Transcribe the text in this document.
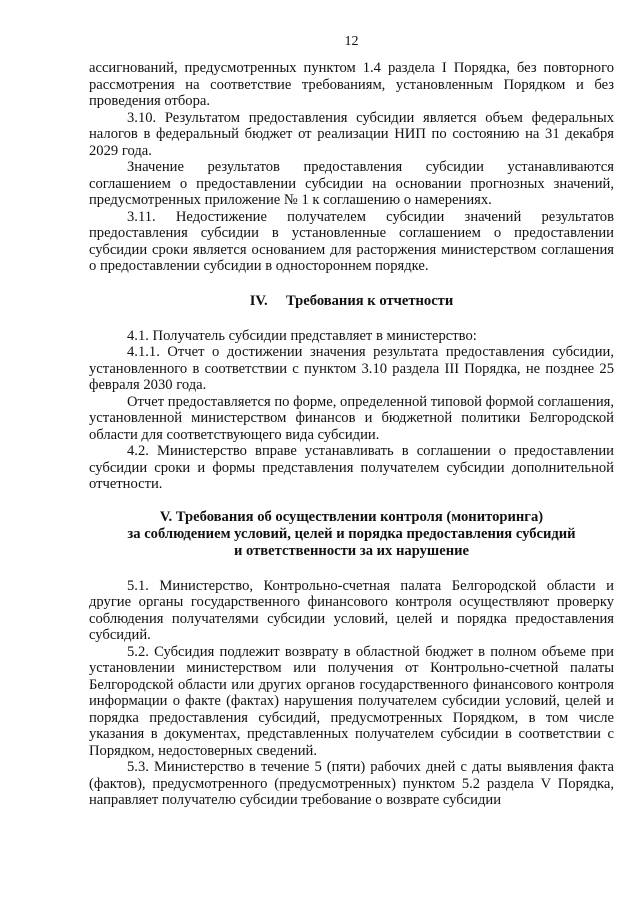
12

ассигнований, предусмотренных пунктом 1.4 раздела I Порядка, без повторного рассмотрения на соответствие требованиям, установленным Порядком и без проведения отбора.

3.10. Результатом предоставления субсидии является объем федеральных налогов в федеральный бюджет от реализации НИП по состоянию на 31 декабря 2029 года.

Значение результатов предоставления субсидии устанавливаются соглашением о предоставлении субсидии на основании прогнозных значений, предусмотренных приложение № 1 к соглашению о намерениях.

3.11. Недостижение получателем субсидии значений результатов предоставления субсидии в установленные соглашением о предоставлении субсидии сроки является основанием для расторжения министерством соглашения о предоставлении субсидии в одностороннем порядке.

IV.     Требования к отчетности

4.1. Получатель субсидии представляет в министерство:

4.1.1. Отчет о достижении значения результата предоставления субсидии, установленного в соответствии с пунктом 3.10 раздела III Порядка, не позднее 25 февраля 2030 года.

Отчет предоставляется по форме, определенной типовой формой соглашения, установленной министерством финансов и бюджетной политики Белгородской области для соответствующего вида субсидии.

4.2. Министерство вправе устанавливать в соглашении о предоставлении субсидии сроки и формы представления получателем субсидии дополнительной отчетности.

V. Требования об осуществлении контроля (мониторинга)
за соблюдением условий, целей и порядка предоставления субсидий
и ответственности за их нарушение

5.1. Министерство, Контрольно-счетная палата Белгородской области и другие органы государственного финансового контроля осуществляют проверку соблюдения получателями субсидии условий, целей и порядка предоставления субсидий.

5.2. Субсидия подлежит возврату в областной бюджет в полном объеме при установлении министерством или получения от Контрольно-счетной палаты Белгородской области или других органов государственного финансового контроля информации о факте (фактах) нарушения получателем субсидии условий, целей и порядка предоставления субсидий, предусмотренных Порядком, в том числе указания в документах, представленных получателем субсидии в соответствии с Порядком, недостоверных сведений.

5.3. Министерство в течение 5 (пяти) рабочих дней с даты выявления факта (фактов), предусмотренного (предусмотренных) пунктом 5.2 раздела V Порядка, направляет получателю субсидии требование о возврате субсидии
